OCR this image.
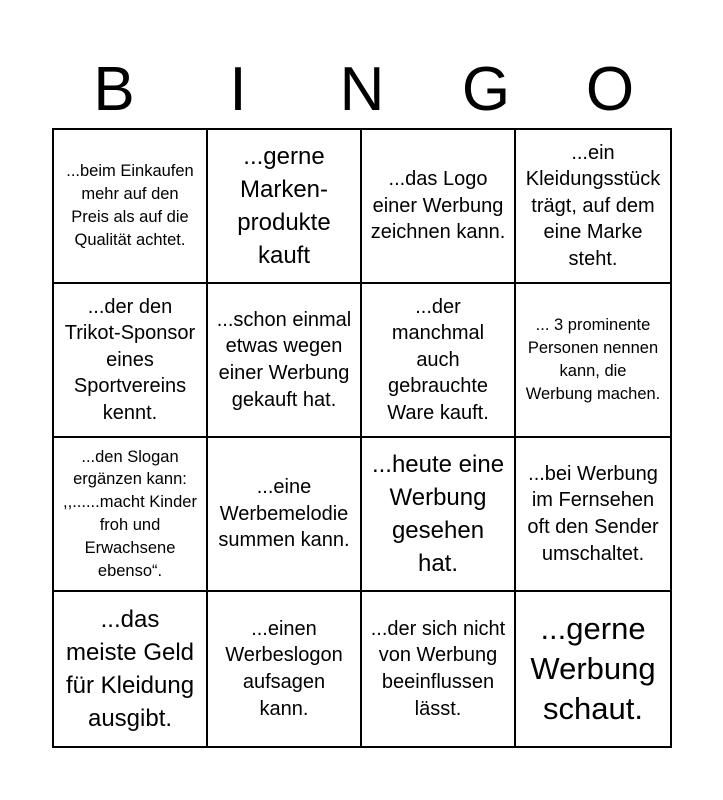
B	I	N	G	O
...beim Einkaufen mehr auf den Preis als auf die Qualität achtet.
...gerne Marken-produkte kauft
...das Logo einer Werbung zeichnen kann.
...ein Kleidungsstück trägt, auf dem eine Marke steht.
...der den Trikot-Sponsor eines Sportvereins kennt.
...schon einmal etwas wegen einer Werbung gekauft hat.
...der manchmal auch gebrauchte Ware kauft.
... 3 prominente Personen nennen kann, die Werbung machen.
...den Slogan ergänzen kann: ,,......macht Kinder froh und Erwachsene ebenso“.
...eine Werbemelodie summen kann.
...heute eine Werbung gesehen hat.
...bei Werbung im Fernsehen oft den Sender umschaltet.
...das meiste Geld für Kleidung ausgibt.
...einen Werbeslogon aufsagen kann.
...der sich nicht von Werbung beeinflussen lässt.
...gerne Werbung schaut.
